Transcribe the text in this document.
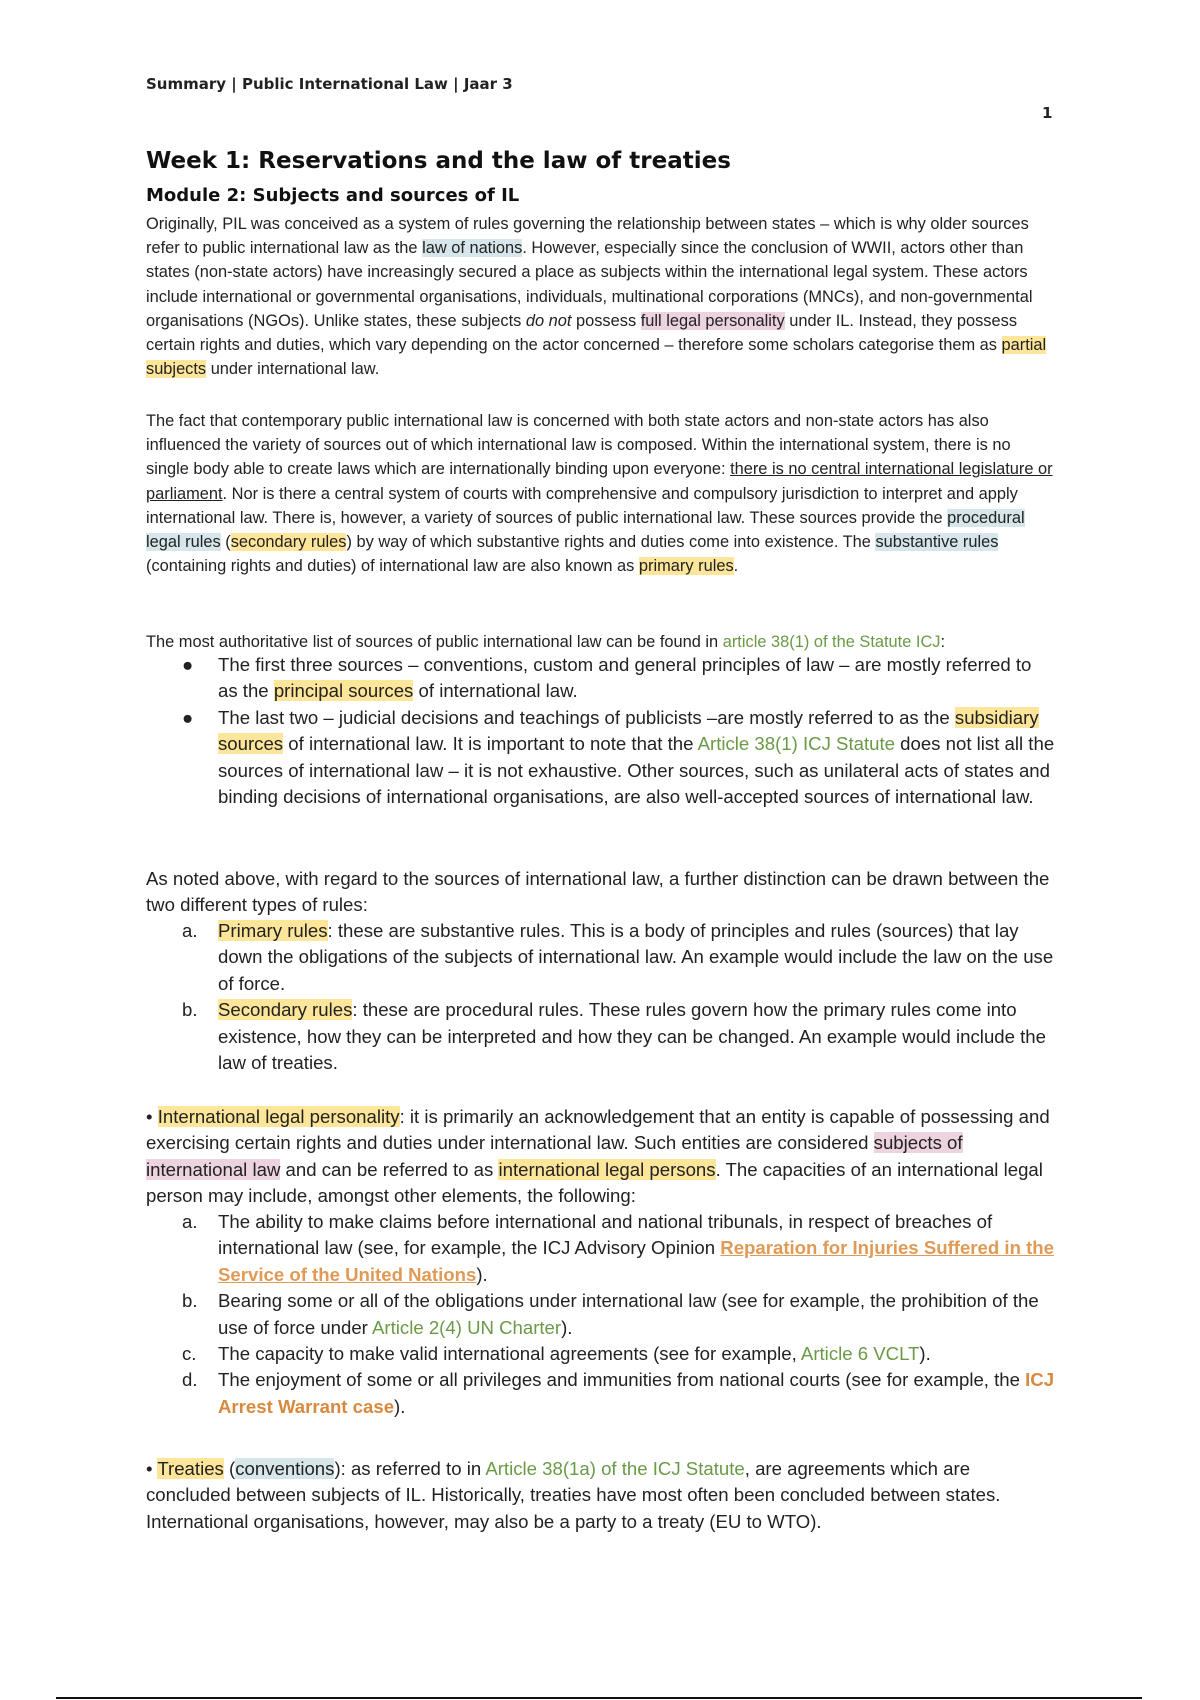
Summary | Public International Law | Jaar 3
1
Week 1: Reservations and the law of treaties
Module 2: Subjects and sources of IL

Originally, PIL was conceived as a system of rules governing the relationship between states – which is why older sources refer to public international law as the law of nations. However, especially since the conclusion of WWII, actors other than states (non-state actors) have increasingly secured a place as subjects within the international legal system. These actors include international or governmental organisations, individuals, multinational corporations (MNCs), and non-governmental organisations (NGOs). Unlike states, these subjects do not possess full legal personality under IL. Instead, they possess certain rights and duties, which vary depending on the actor concerned – therefore some scholars categorise them as partial subjects under international law.

The fact that contemporary public international law is concerned with both state actors and non-state actors has also influenced the variety of sources out of which international law is composed. Within the international system, there is no single body able to create laws which are internationally binding upon everyone: there is no central international legislature or parliament. Nor is there a central system of courts with comprehensive and compulsory jurisdiction to interpret and apply international law. There is, however, a variety of sources of public international law. These sources provide the procedural legal rules (secondary rules) by way of which substantive rights and duties come into existence. The substantive rules (containing rights and duties) of international law are also known as primary rules.

The most authoritative list of sources of public international law can be found in article 38(1) of the Statute ICJ:

● The first three sources – conventions, custom and general principles of law – are mostly referred to as the principal sources of international law.
● The last two – judicial decisions and teachings of publicists –are mostly referred to as the subsidiary sources of international law. It is important to note that the Article 38(1) ICJ Statute does not list all the sources of international law – it is not exhaustive. Other sources, such as unilateral acts of states and binding decisions of international organisations, are also well-accepted sources of international law.

As noted above, with regard to the sources of international law, a further distinction can be drawn between the two different types of rules:

a. Primary rules: these are substantive rules. This is a body of principles and rules (sources) that lay down the obligations of the subjects of international law. An example would include the law on the use of force.
b. Secondary rules: these are procedural rules. These rules govern how the primary rules come into existence, how they can be interpreted and how they can be changed. An example would include the law of treaties.

• International legal personality: it is primarily an acknowledgement that an entity is capable of possessing and exercising certain rights and duties under international law. Such entities are considered subjects of international law and can be referred to as international legal persons. The capacities of an international legal person may include, amongst other elements, the following:

a. The ability to make claims before international and national tribunals, in respect of breaches of international law (see, for example, the ICJ Advisory Opinion Reparation for Injuries Suffered in the Service of the United Nations).
b. Bearing some or all of the obligations under international law (see for example, the prohibition of the use of force under Article 2(4) UN Charter).
c. The capacity to make valid international agreements (see for example, Article 6 VCLT).
d. The enjoyment of some or all privileges and immunities from national courts (see for example, the ICJ Arrest Warrant case).

• Treaties (conventions): as referred to in Article 38(1a) of the ICJ Statute, are agreements which are concluded between subjects of IL. Historically, treaties have most often been concluded between states. International organisations, however, may also be a party to a treaty (EU to WTO).
